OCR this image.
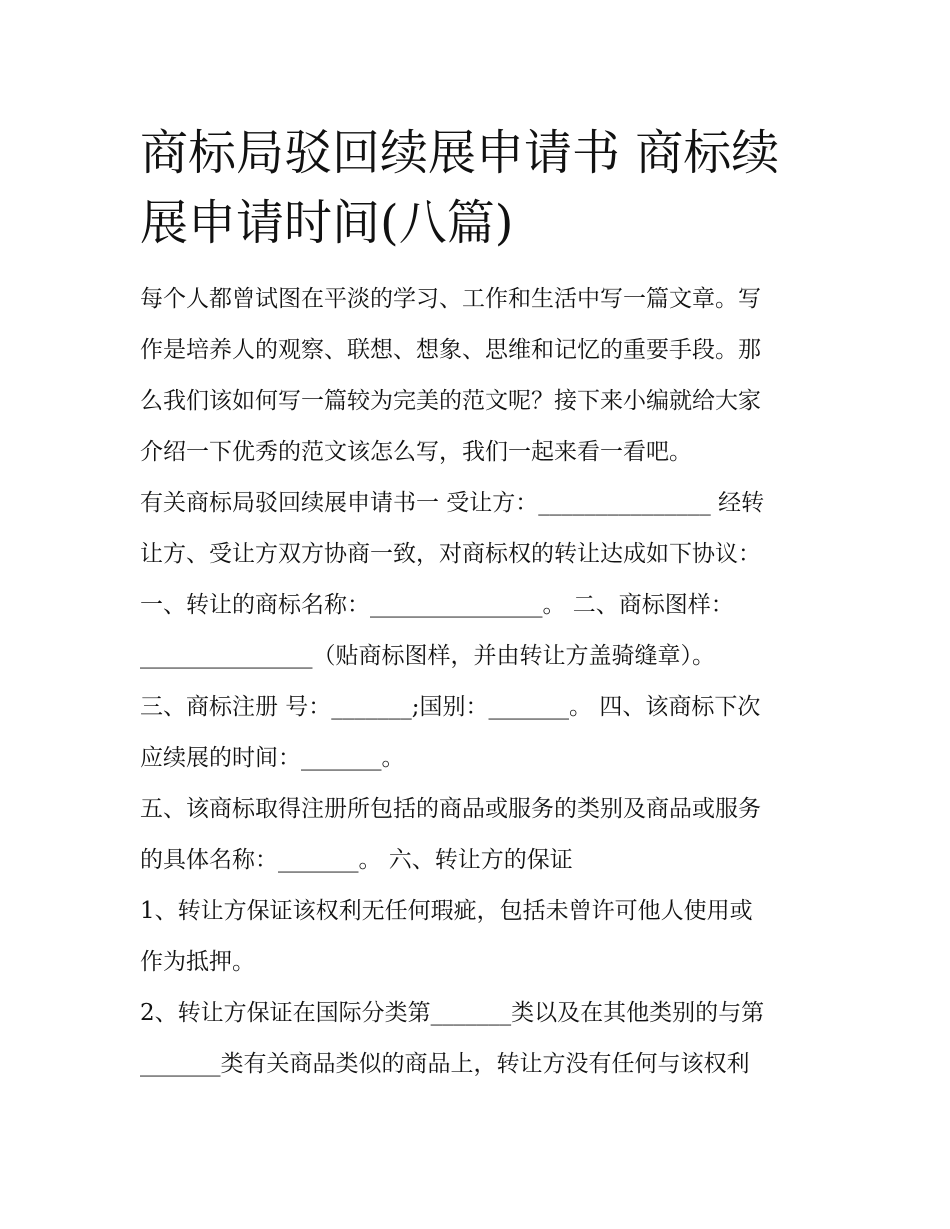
商标局驳回续展申请书 商标续
展申请时间(八篇)

每个人都曾试图在平淡的学习、工作和生活中写一篇文章。写
作是培养人的观察、联想、想象、思维和记忆的重要手段。那
么我们该如何写一篇较为完美的范文呢？接下来小编就给大家
介绍一下优秀的范文该怎么写，我们一起来看一看吧。

有关商标局驳回续展申请书一 受让方：_______________ 经转
让方、受让方双方协商一致，对商标权的转让达成如下协议：
一、转让的商标名称：_______________。 二、商标图样：
_______________（贴商标图样，并由转让方盖骑缝章）。
三、商标注册 号：_______;国别：_______。 四、该商标下次
应续展的时间：_______。

五、该商标取得注册所包括的商品或服务的类别及商品或服务
的具体名称：_______。 六、转让方的保证

1、转让方保证该权利无任何瑕疵，包括未曾许可他人使用或
作为抵押。

2、转让方保证在国际分类第_______类以及在其他类别的与第
_______类有关商品类似的商品上，转让方没有任何与该权利
